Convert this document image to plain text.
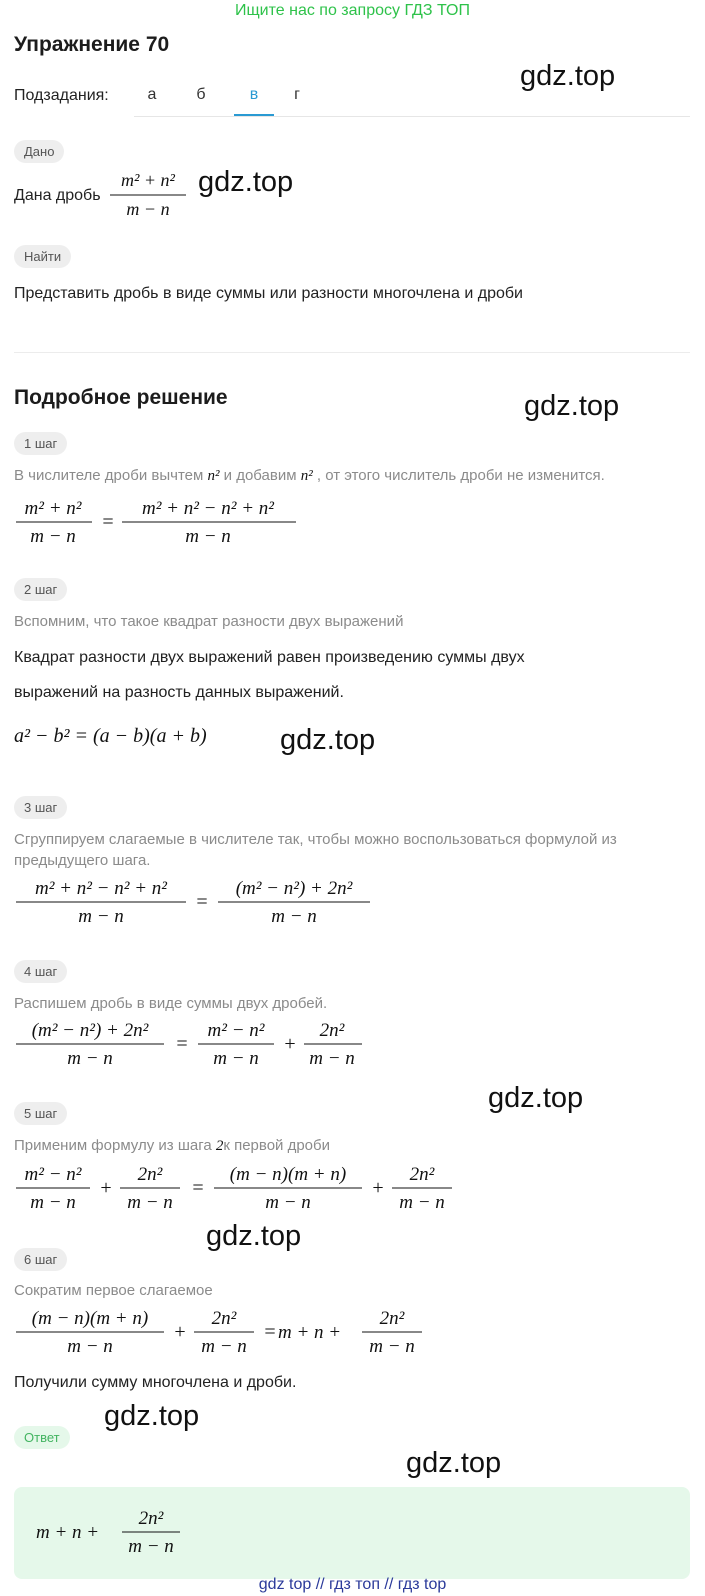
Ищите нас по запросу ГДЗ ТОП
Упражнение 70
Подзадания:	а	б	в	г
Дано
Дана дробь
m² + n²
m − n
Найти
Представить дробь в виде суммы или разности многочлена и дроби
Подробное решение
1 шаг
В числителе дроби вычтем n² и добавим n² , от этого числитель дроби не изменится.
m² + n²
m − n
=
m² + n² − n² + n²
m − n
2 шаг
Вспомним, что такое квадрат разности двух выражений
Квадрат разности двух выражений равен произведению суммы двух
выражений на разность данных выражений.
a² − b² = (a − b)(a + b)
3 шаг
Сгруппируем слагаемые в числителе так, чтобы можно воспользоваться формулой из
предыдущего шага.
m² + n² − n² + n²
m − n
=
(m² − n²) + 2n²
m − n
4 шаг
Распишем дробь в виде суммы двух дробей.
(m² − n²) + 2n²
m − n
=
m² − n²
m − n
+
2n²
m − n
5 шаг
Применим формулу из шага 2к первой дроби
m² − n²
m − n
+
2n²
m − n
=
(m − n)(m + n)
m − n
+
2n²
m − n
6 шаг
Сократим первое слагаемое
(m − n)(m + n)
m − n
+
2n²
m − n
= m + n +
2n²
m − n
Получили сумму многочлена и дроби.
Ответ
m + n +
2n²
m − n
gdz.top
gdz.top
gdz.top
gdz.top
gdz.top
gdz.top
gdz.top
gdz.top
gdz top // гдз топ // гдз top
